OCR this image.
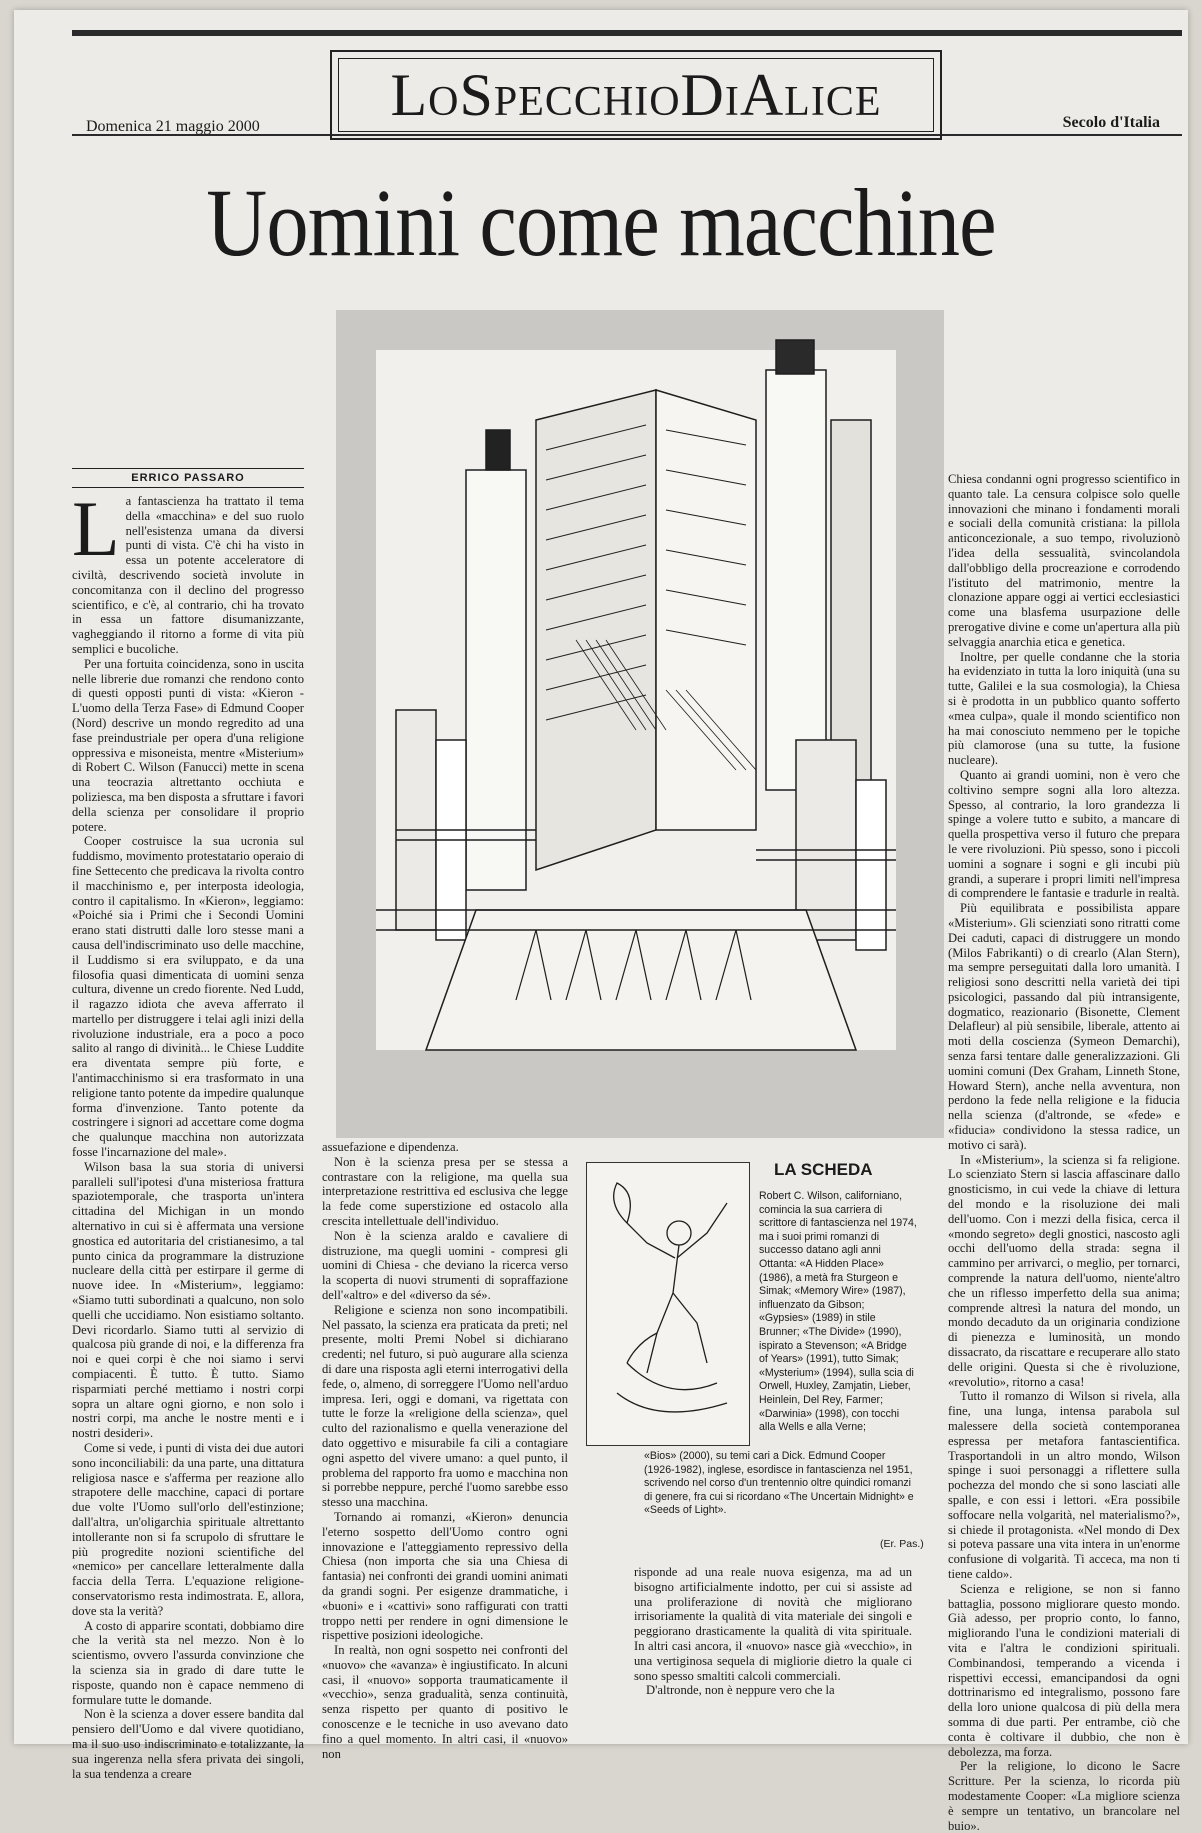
LoSpecchioDiAlice
Domenica 21 maggio 2000	Secolo d'Italia
Uomini come macchine
ERRICO PASSARO
L a fantascienza ha trattato il tema della «macchina» e del suo ruolo nell'esistenza umana da diversi punti di vista. C'è chi ha visto in essa un potente acceleratore di civiltà, descrivendo società involute in concomitanza con il declino del progresso scientifico, e c'è, al contrario, chi ha trovato in essa un fattore disumanizzante, vagheggiando il ritorno a forme di vita più semplici e bucoliche.

Per una fortuita coincidenza, sono in uscita nelle librerie due romanzi che rendono conto di questi opposti punti di vista: «Kieron - L'uomo della Terza Fase» di Edmund Cooper (Nord) descrive un mondo regredito ad una fase preindustriale per opera d'una religione oppressiva e misoneista, mentre «Misterium» di Robert C. Wilson (Fanucci) mette in scena una teocrazia altrettanto occhiuta e poliziesca, ma ben disposta a sfruttare i favori della scienza per consolidare il proprio potere.

Cooper costruisce la sua ucronia sul fuddismo, movimento protestatario operaio di fine Settecento che predicava la rivolta contro il macchinismo e, per interposta ideologia, contro il capitalismo. In «Kieron», leggiamo: «Poiché sia i Primi che i Secondi Uomini erano stati distrutti dalle loro stesse mani a causa dell'indiscriminato uso delle macchine, il Luddismo si era sviluppato, e da una filosofia quasi dimenticata di uomini senza cultura, divenne un credo fiorente. Ned Ludd, il ragazzo idiota che aveva afferrato il martello per distruggere i telai agli inizi della rivoluzione industriale, era a poco a poco salito al rango di divinità... le Chiese Luddite era diventata sempre più forte, e l'antimacchinismo si era trasformato in una religione tanto potente da impedire qualunque forma d'invenzione. Tanto potente da costringere i signori ad accettare come dogma che qualunque macchina non autorizzata fosse l'incarnazione del male».

Wilson basa la sua storia di universi paralleli sull'ipotesi d'una misteriosa frattura spaziotemporale, che trasporta un'intera cittadina del Michigan in un mondo alternativo in cui si è affermata una versione gnostica ed autoritaria del cristianesimo, a tal punto cinica da programmare la distruzione nucleare della città per estirpare il germe di nuove idee. In «Misterium», leggiamo: «Siamo tutti subordinati a qualcuno, non solo quelli che uccidiamo. Non esistiamo soltanto. Devi ricordarlo. Siamo tutti al servizio di qualcosa più grande di noi, e la differenza fra noi e quei corpi è che noi siamo i servi compiacenti. È tutto. È tutto. Siamo risparmiati perché mettiamo i nostri corpi sopra un altare ogni giorno, e non solo i nostri corpi, ma anche le nostre menti e i nostri desideri».

Come si vede, i punti di vista dei due autori sono inconciliabili: da una parte, una dittatura religiosa nasce e s'afferma per reazione allo strapotere delle macchine, capaci di portare due volte l'Uomo sull'orlo dell'estinzione; dall'altra, un'oligarchia spirituale altrettanto intollerante non si fa scrupolo di sfruttare le più progredite nozioni scientifiche del «nemico» per cancellare letteralmente dalla faccia della Terra. L'equazione religione-conservatorismo resta indimostrata. E, allora, dove sta la verità?

A costo di apparire scontati, dobbiamo dire che la verità sta nel mezzo. Non è lo scientismo, ovvero l'assurda convinzione che la scienza sia in grado di dare tutte le risposte, quando non è capace nemmeno di formulare tutte le domande.

Non è la scienza a dover essere bandita dal pensiero dell'Uomo e dal vivere quotidiano, ma il suo uso indiscriminato e totalizzante, la sua ingerenza nella sfera privata dei singoli, la sua tendenza a creare

assuefazione e dipendenza.

Non è la scienza presa per se stessa a contrastare con la religione, ma quella sua interpretazione restrittiva ed esclusiva che legge la fede come superstizione ed ostacolo alla crescita intellettuale dell'individuo.

Non è la scienza araldo e cavaliere di distruzione, ma quegli uomini - compresi gli uomini di Chiesa - che deviano la ricerca verso la scoperta di nuovi strumenti di sopraffazione dell'«altro» e del «diverso da sé».

Religione e scienza non sono incompatibili. Nel passato, la scienza era praticata da preti; nel presente, molti Premi Nobel si dichiarano credenti; nel futuro, si può augurare alla scienza di dare una risposta agli eterni interrogativi della fede, o, almeno, di sorreggere l'Uomo nell'arduo impresa. Ieri, oggi e domani, va rigettata con tutte le forze la «religione della scienza», quel culto del razionalismo e quella venerazione del dato oggettivo e misurabile fa cili a contagiare ogni aspetto del vivere umano: a quel punto, il problema del rapporto fra uomo e macchina non si porrebbe neppure, perché l'uomo sarebbe esso stesso una macchina.

Tornando ai romanzi, «Kieron» denuncia l'eterno sospetto dell'Uomo contro ogni innovazione e l'atteggiamento repressivo della Chiesa (non importa che sia una Chiesa di fantasia) nei confronti dei grandi uomini animati da grandi sogni. Per esigenze drammatiche, i «buoni» e i «cattivi» sono raffigurati con tratti troppo netti per rendere in ogni dimensione le rispettive posizioni ideologiche.

In realtà, non ogni sospetto nei confronti del «nuovo» che «avanza» è ingiustificato. In alcuni casi, il «nuovo» sopporta traumaticamente il «vecchio», senza gradualità, senza continuità, senza rispetto per quanto di positivo le conoscenze e le tecniche in uso avevano dato fino a quel momento. In altri casi, il «nuovo» non

LA SCHEDA

Robert C. Wilson, californiano, comincia la sua carriera di scrittore di fantascienza nel 1974, ma i suoi primi romanzi di successo datano agli anni Ottanta: «A Hidden Place» (1986), a metà fra Sturgeon e Simak; «Memory Wire» (1987), influenzato da Gibson; «Gypsies» (1989) in stile Brunner; «The Divide» (1990), ispirato a Stevenson; «A Bridge of Years» (1991), tutto Simak; «Mysterium» (1994), sulla scia di Orwell, Huxley, Zamjatin, Lieber, Heinlein, Del Rey, Farmer; «Darwinia» (1998), con tocchi alla Wells e alla Verne;

«Bios» (2000), su temi cari a Dick. Edmund Cooper (1926-1982), inglese, esordisce in fantascienza nel 1951, scrivendo nel corso d'un trentennio oltre quindici romanzi di genere, fra cui si ricordano «The Uncertain Midnight» e «Seeds of Light».

(Er. Pas.)

risponde ad una reale nuova esigenza, ma ad un bisogno artificialmente indotto, per cui si assiste ad una proliferazione di novità che migliorano irrisoriamente la qualità di vita materiale dei singoli e peggiorano drasticamente la qualità di vita spirituale. In altri casi ancora, il «nuovo» nasce già «vecchio», in una vertiginosa sequela di migliorie dietro la quale ci sono spesso smaltiti calcoli commerciali.

D'altronde, non è neppure vero che la

Chiesa condanni ogni progresso scientifico in quanto tale. La censura colpisce solo quelle innovazioni che minano i fondamenti morali e sociali della comunità cristiana: la pillola anticoncezionale, a suo tempo, rivoluzionò l'idea della sessualità, svincolandola dall'obbligo della procreazione e corrodendo l'istituto del matrimonio, mentre la clonazione appare oggi ai vertici ecclesiastici come una blasfema usurpazione delle prerogative divine e come un'apertura alla più selvaggia anarchia etica e genetica.

Inoltre, per quelle condanne che la storia ha evidenziato in tutta la loro iniquità (una su tutte, Galilei e la sua cosmologia), la Chiesa si è prodotta in un pubblico quanto sofferto «mea culpa», quale il mondo scientifico non ha mai conosciuto nemmeno per le topiche più clamorose (una su tutte, la fusione nucleare).

Quanto ai grandi uomini, non è vero che coltivino sempre sogni alla loro altezza. Spesso, al contrario, la loro grandezza li spinge a volere tutto e subito, a mancare di quella prospettiva verso il futuro che prepara le vere rivoluzioni. Più spesso, sono i piccoli uomini a sognare i sogni e gli incubi più grandi, a superare i propri limiti nell'impresa di comprendere le fantasie e tradurle in realtà.

Più equilibrata e possibilista appare «Misterium». Gli scienziati sono ritratti come Dei caduti, capaci di distruggere un mondo (Milos Fabrikanti) o di crearlo (Alan Stern), ma sempre perseguitati dalla loro umanità. I religiosi sono descritti nella varietà dei tipi psicologici, passando dal più intransigente, dogmatico, reazionario (Bisonette, Clement Delafleur) al più sensibile, liberale, attento ai moti della coscienza (Symeon Demarchi), senza farsi tentare dalle generalizzazioni. Gli uomini comuni (Dex Graham, Linneth Stone, Howard Stern), anche nella avventura, non perdono la fede nella religione e la fiducia nella scienza (d'altronde, se «fede» e «fiducia» condividono la stessa radice, un motivo ci sarà).

In «Misterium», la scienza si fa religione. Lo scienziato Stern si lascia affascinare dallo gnosticismo, in cui vede la chiave di lettura del mondo e la risoluzione dei mali dell'uomo. Con i mezzi della fisica, cerca il «mondo segreto» degli gnostici, nascosto agli occhi dell'uomo della strada: segna il cammino per arrivarci, o meglio, per tornarci, comprende la natura dell'uomo, niente'altro che un riflesso imperfetto della sua anima; comprende altresì la natura del mondo, un mondo decaduto da un originaria condizione di pienezza e luminosità, un mondo dissacrato, da riscattare e recuperare allo stato delle origini. Questa si che è rivoluzione, «revolutio», ritorno a casa!

Tutto il romanzo di Wilson si rivela, alla fine, una lunga, intensa parabola sul malessere della società contemporanea espressa per metafora fantascientifica. Trasportandoli in un altro mondo, Wilson spinge i suoi personaggi a riflettere sulla pochezza del mondo che si sono lasciati alle spalle, e con essi i lettori. «Era possibile soffocare nella volgarità, nel materialismo?», si chiede il protagonista. «Nel mondo di Dex si poteva passare una vita intera in un'enorme confusione di volgarità. Ti acceca, ma non ti tiene caldo».

Scienza e religione, se non si fanno battaglia, possono migliorare questo mondo. Già adesso, per proprio conto, lo fanno, migliorando l'una le condizioni materiali di vita e l'altra le condizioni spirituali. Combinandosi, temperando a vicenda i rispettivi eccessi, emancipandosi da ogni dottrinarismo ed integralismo, possono fare della loro unione qualcosa di più della mera somma di due parti. Per entrambe, ciò che conta è coltivare il dubbio, che non è debolezza, ma forza.

Per la religione, lo dicono le Sacre Scritture. Per la scienza, lo ricorda più modestamente Cooper: «La migliore scienza è sempre un tentativo, un brancolare nel buio».
